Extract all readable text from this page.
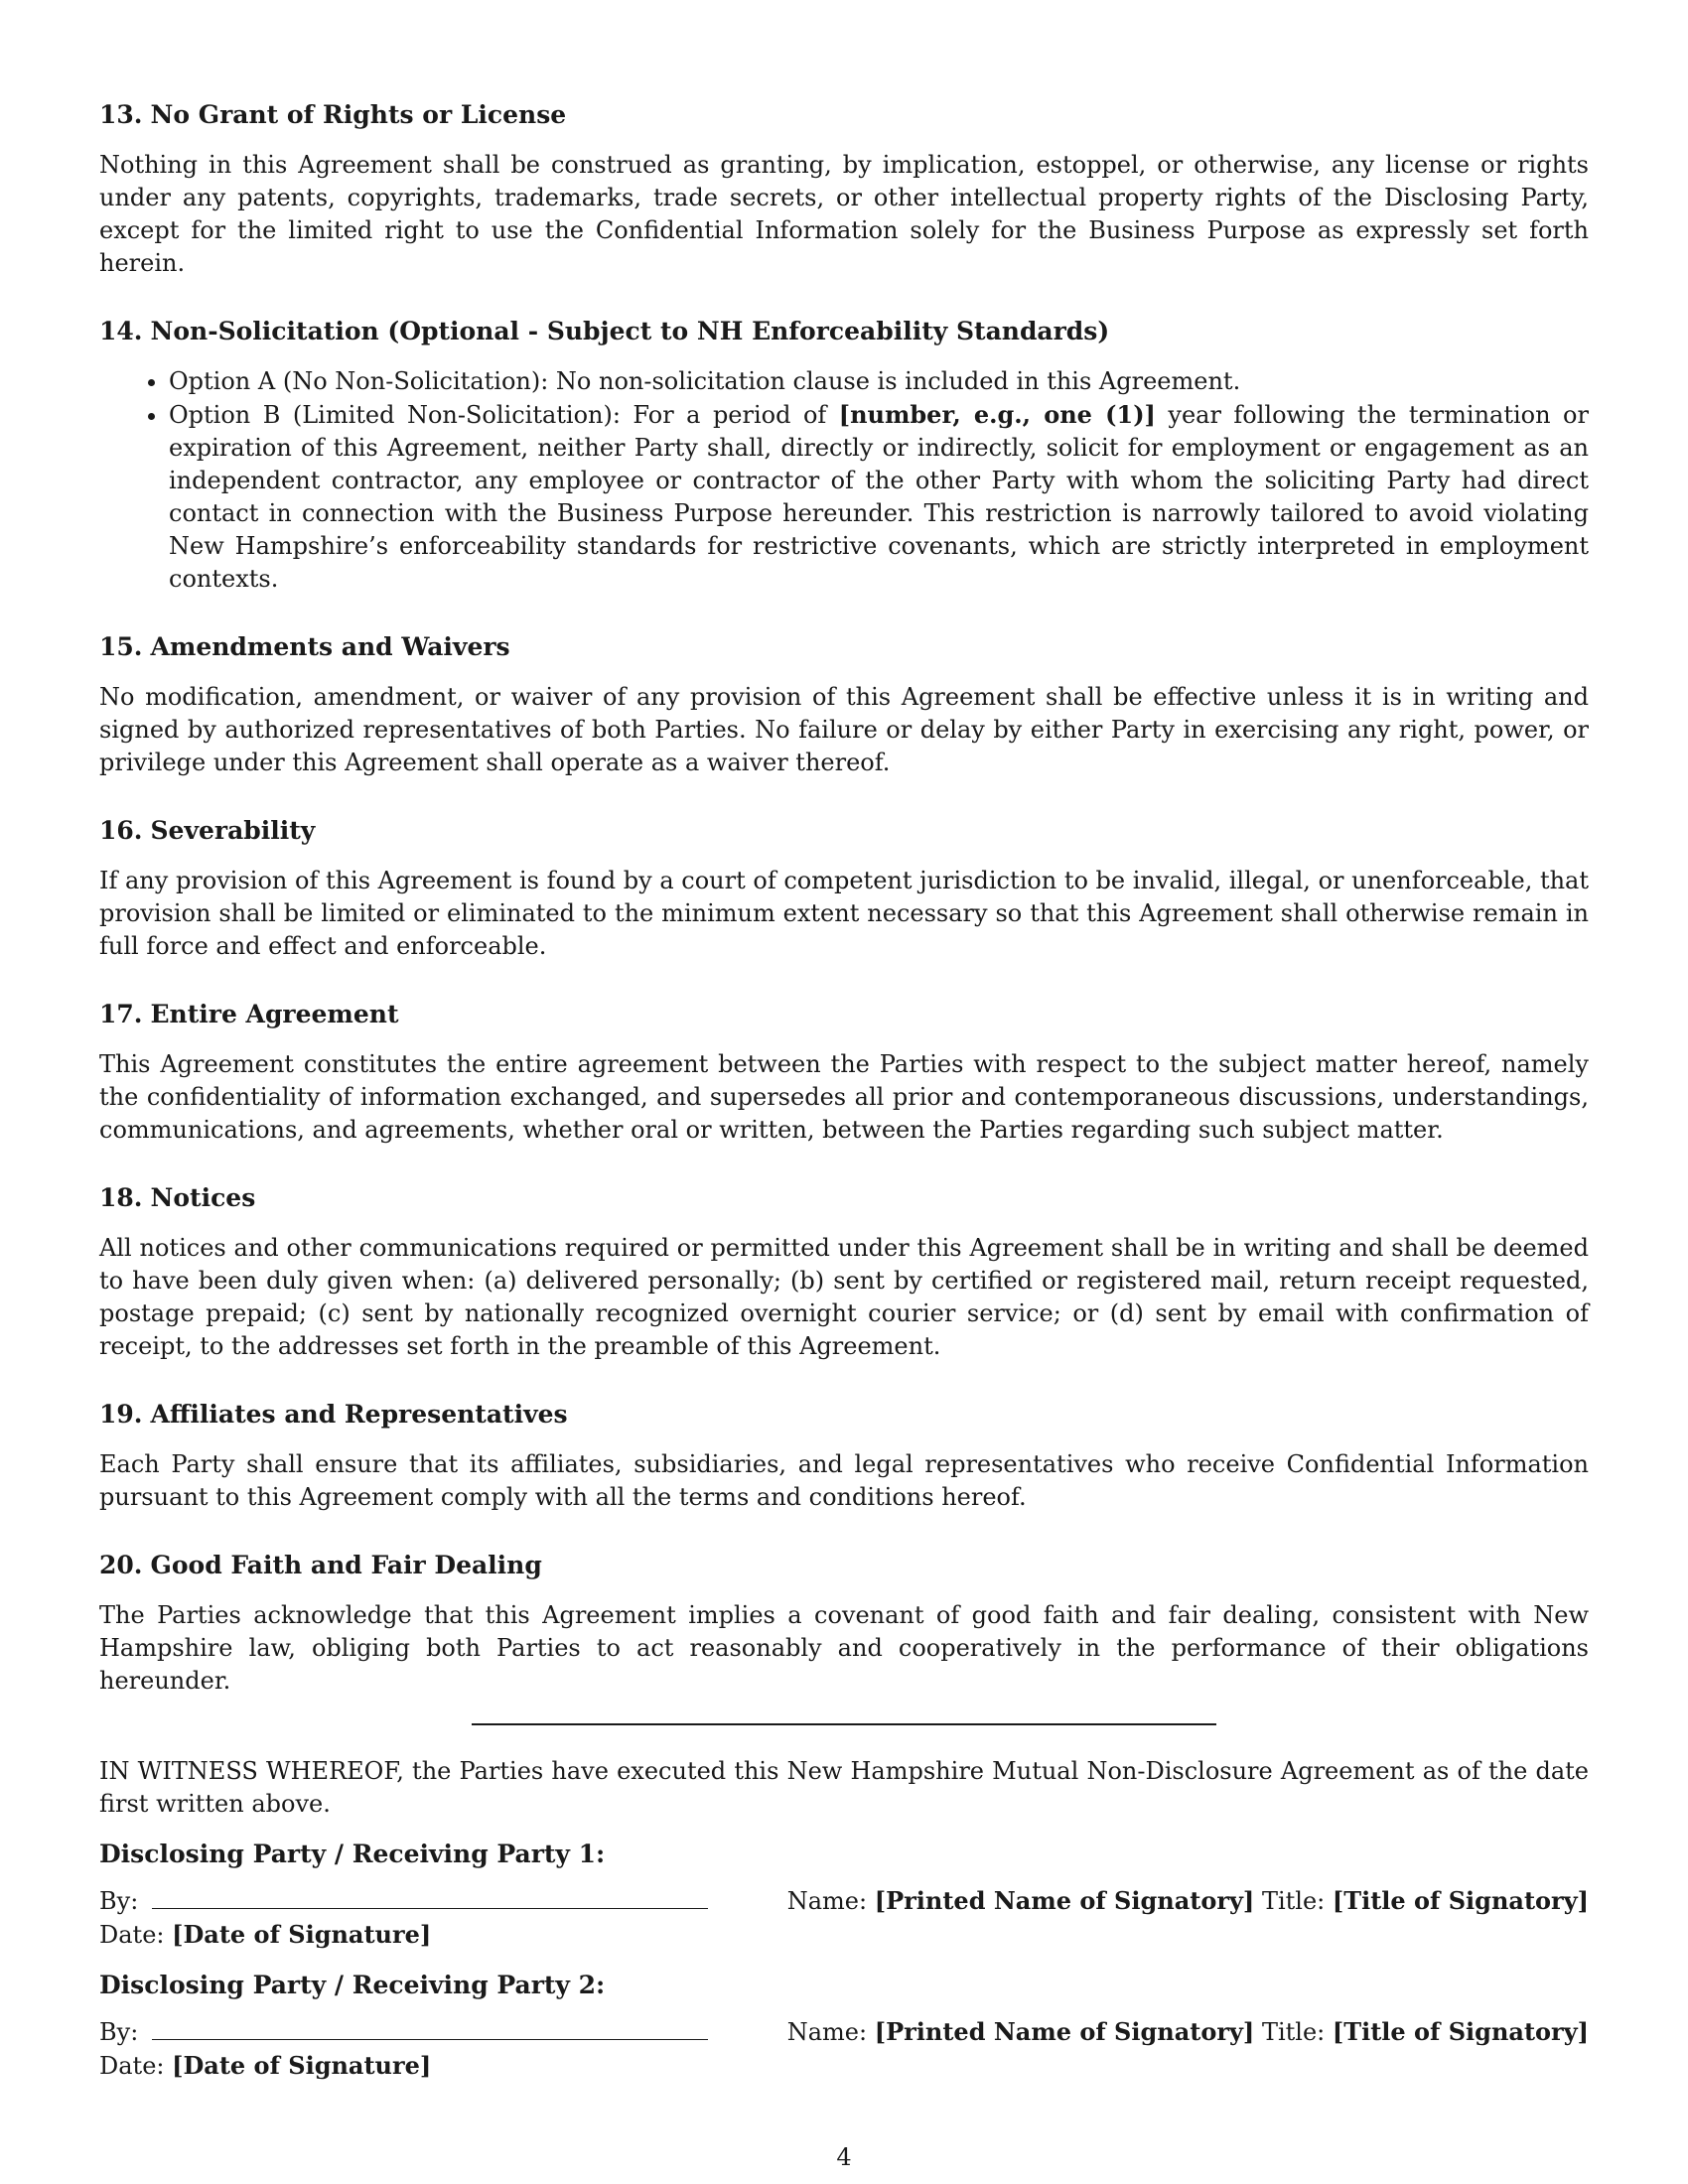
13. No Grant of Rights or License

Nothing in this Agreement shall be construed as granting, by implication, estoppel, or otherwise, any license or rights under any patents, copyrights, trademarks, trade secrets, or other intellectual property rights of the Disclosing Party, except for the limited right to use the Confidential Information solely for the Business Purpose as expressly set forth herein.

14. Non-Solicitation (Optional - Subject to NH Enforceability Standards)
• Option A (No Non-Solicitation): No non-solicitation clause is included in this Agreement.
• Option B (Limited Non-Solicitation): For a period of [number, e.g., one (1)] year following the termination or expiration of this Agreement, neither Party shall, directly or indirectly, solicit for employment or engagement as an independent contractor, any employee or contractor of the other Party with whom the soliciting Party had direct contact in connection with the Business Purpose hereunder. This restriction is narrowly tailored to avoid violating New Hampshire’s enforceability standards for restrictive covenants, which are strictly interpreted in employment contexts.
15. Amendments and Waivers

No modification, amendment, or waiver of any provision of this Agreement shall be effective unless it is in writing and signed by authorized representatives of both Parties. No failure or delay by either Party in exercising any right, power, or privilege under this Agreement shall operate as a waiver thereof.

16. Severability

If any provision of this Agreement is found by a court of competent jurisdiction to be invalid, illegal, or unenforceable, that provision shall be limited or eliminated to the minimum extent necessary so that this Agreement shall otherwise remain in full force and effect and enforceable.

17. Entire Agreement

This Agreement constitutes the entire agreement between the Parties with respect to the subject matter hereof, namely the confidentiality of information exchanged, and supersedes all prior and contemporaneous discussions, understandings, communications, and agreements, whether oral or written, between the Parties regarding such subject matter.

18. Notices

All notices and other communications required or permitted under this Agreement shall be in writing and shall be deemed to have been duly given when: (a) delivered personally; (b) sent by certified or registered mail, return receipt requested, postage prepaid; (c) sent by nationally recognized overnight courier service; or (d) sent by email with confirmation of receipt, to the addresses set forth in the preamble of this Agreement.

19. Affiliates and Representatives

Each Party shall ensure that its affiliates, subsidiaries, and legal representatives who receive Confidential Information pursuant to this Agreement comply with all the terms and conditions hereof.

20. Good Faith and Fair Dealing

The Parties acknowledge that this Agreement implies a covenant of good faith and fair dealing, consistent with New Hampshire law, obliging both Parties to act reasonably and cooperatively in the performance of their obligations hereunder.

IN WITNESS WHEREOF, the Parties have executed this New Hampshire Mutual Non-Disclosure Agreement as of the date first written above.

Disclosing Party / Receiving Party 1:
By:	Name: [Printed Name of Signatory] Title: [Title of Signatory]
Date: [Date of Signature]
Disclosing Party / Receiving Party 2:
By:	Name: [Printed Name of Signatory] Title: [Title of Signatory]
Date: [Date of Signature]
4
